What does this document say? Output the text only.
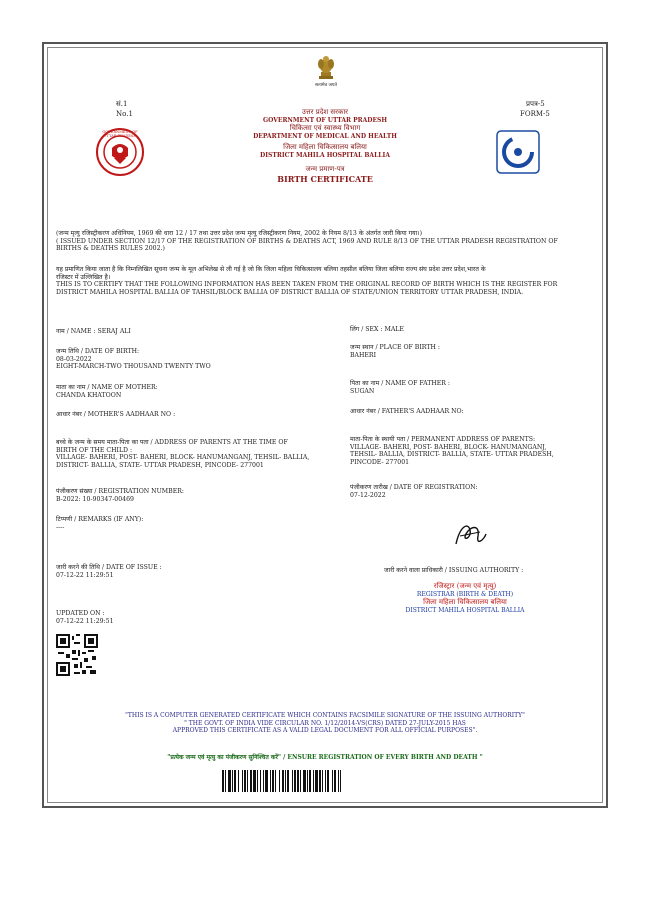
सत्यमेव जयते
सं.1
No.1
प्रपत्र-5
FORM-5
GOVERNMENT OF UTTAR PRADESH
उत्तर प्रदेश सरकार
GOVERNMENT OF UTTAR PRADESH
चिकित्सा एवं स्वास्थ्य विभाग
DEPARTMENT OF MEDICAL AND HEALTH
जिला महिला चिकित्सालय बलिया
DISTRICT MAHILA HOSPITAL BALLIA
जन्म प्रमाण-पत्र
BIRTH CERTIFICATE
(जन्म मृत्यु रजिस्ट्रीकरण अधिनियम, 1969 की धारा 12 / 17 तथा उत्तर प्रदेश जन्म मृत्यु रजिस्ट्रीकरण नियम, 2002 के नियम 8/13 के अंतर्गत जारी किया गया।)
( ISSUED UNDER SECTION 12/17 OF THE REGISTRATION OF BIRTHS & DEATHS ACT, 1969 AND RULE 8/13 OF THE UTTAR PRADESH REGISTRATION OF
BIRTHS & DEATHS RULES 2002.)
यह प्रमाणित किया जाता है कि निम्नलिखित सूचना जन्म के मूल अभिलेख से ली गई है जो कि जिला महिला चिकित्सालय बलिया तहसील बलिया जिला बलिया राज्य संघ प्रदेश उत्तर प्रदेश,भारत के
रजिस्टर में उल्लिखित है।
THIS IS TO CERTIFY THAT THE FOLLOWING INFORMATION HAS BEEN TAKEN FROM THE ORIGINAL RECORD OF BIRTH WHICH IS THE REGISTER FOR
DISTRICT MAHILA HOSPITAL BALLIA OF TAHSIL/BLOCK BALLIA OF DISTRICT BALLIA OF STATE/UNION TERRITORY UTTAR PRADESH, INDIA.
नाम / NAME : SERAJ ALI
जन्म तिथि / DATE OF BIRTH:
08-03-2022
EIGHT-MARCH-TWO THOUSAND TWENTY TWO
माता का नाम / NAME OF MOTHER:
CHANDA KHATOON
आधार नंबर / MOTHER'S AADHAAR NO :
बच्चे के जन्म के समय माता-पिता का पता / ADDRESS OF PARENTS AT THE TIME OF
BIRTH OF THE CHILD :
VILLAGE- BAHERI, POST- BAHERI, BLOCK- HANUMANGANJ, TEHSIL- BALLIA,
DISTRICT- BALLIA, STATE- UTTAR PRADESH, PINCODE- 277001
पंजीकरण संख्या / REGISTRATION NUMBER:
B-2022: 10-90347-00469
टिप्पणी / REMARKS (IF ANY):
----
जारी करने की तिथि / DATE OF ISSUE :
07-12-22 11:29:51
UPDATED ON :
07-12-22 11:29:51
लिंग / SEX : MALE
जन्म स्थान / PLACE OF BIRTH :
BAHERI
पिता का नाम / NAME OF FATHER :
SUGAN
आधार नंबर / FATHER'S AADHAAR NO:
माता-पिता के स्थायी पता / PERMANENT ADDRESS OF PARENTS:
VILLAGE- BAHERI, POST- BAHERI, BLOCK- HANUMANGANJ,
TEHSIL- BALLIA, DISTRICT- BALLIA, STATE- UTTAR PRADESH,
PINCODE- 277001
पंजीकरण तारीख / DATE OF REGISTRATION:
07-12-2022
जारी करने वाला प्राधिकारी / ISSUING AUTHORITY :
रजिस्ट्रार (जन्म एवं मृत्यु)
REGISTRAR (BIRTH & DEATH)
जिला महिला चिकित्सालय बलिया
DISTRICT MAHILA HOSPITAL BALLIA
"THIS IS A COMPUTER GENERATED CERTIFICATE WHICH CONTAINS FACSIMILE SIGNATURE OF THE ISSUING AUTHORITY"
" THE GOVT. OF INDIA VIDE CIRCULAR NO. 1/12/2014-VS(CRS) DATED 27-JULY-2015 HAS
APPROVED THIS CERTIFICATE AS A VALID LEGAL DOCUMENT FOR ALL OFFICIAL PURPOSES".
"प्रत्येक जन्म एवं मृत्यु का पंजीकरण सुनिश्चित करें" / ENSURE REGISTRATION OF EVERY BIRTH AND DEATH "
